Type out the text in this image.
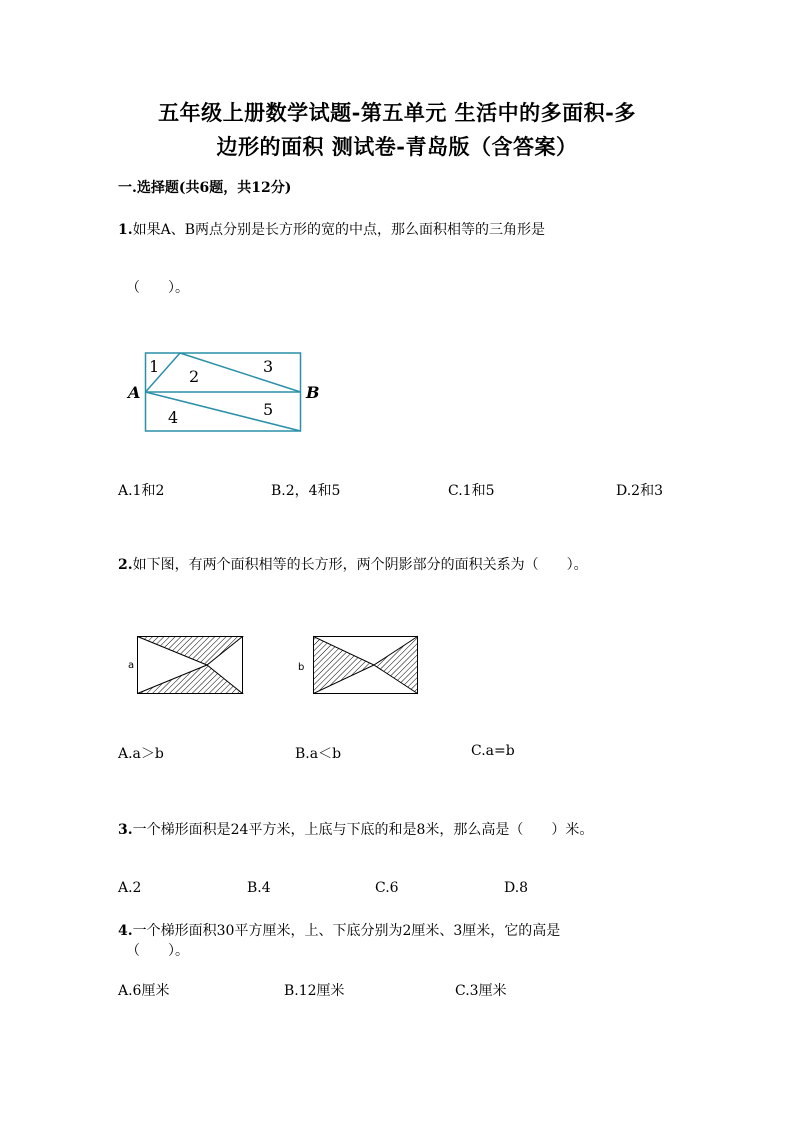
五年级上册数学试题-第五单元 生活中的多面积-多
边形的面积 测试卷-青岛版（含答案）
一.选择题(共6题，共12分)
1.如果A、B两点分别是长方形的宽的中点，那么面积相等的三角形是
（　　）。
1
2
3
4	5
A	B
A.1和2	B.2，4和5	C.1和5	D.2和3
2.如下图，有两个面积相等的长方形，两个阴影部分的面积关系为（　　）。
a	b
A.a＞b	B.a＜b	C.a=b
3.一个梯形面积是24平方米，上底与下底的和是8米，那么高是（　　）米。
A.2	B.4	C.6	D.8
4.一个梯形面积30平方厘米，上、下底分别为2厘米、3厘米，它的高是
（　　）。
A.6厘米	B.12厘米	C.3厘米
